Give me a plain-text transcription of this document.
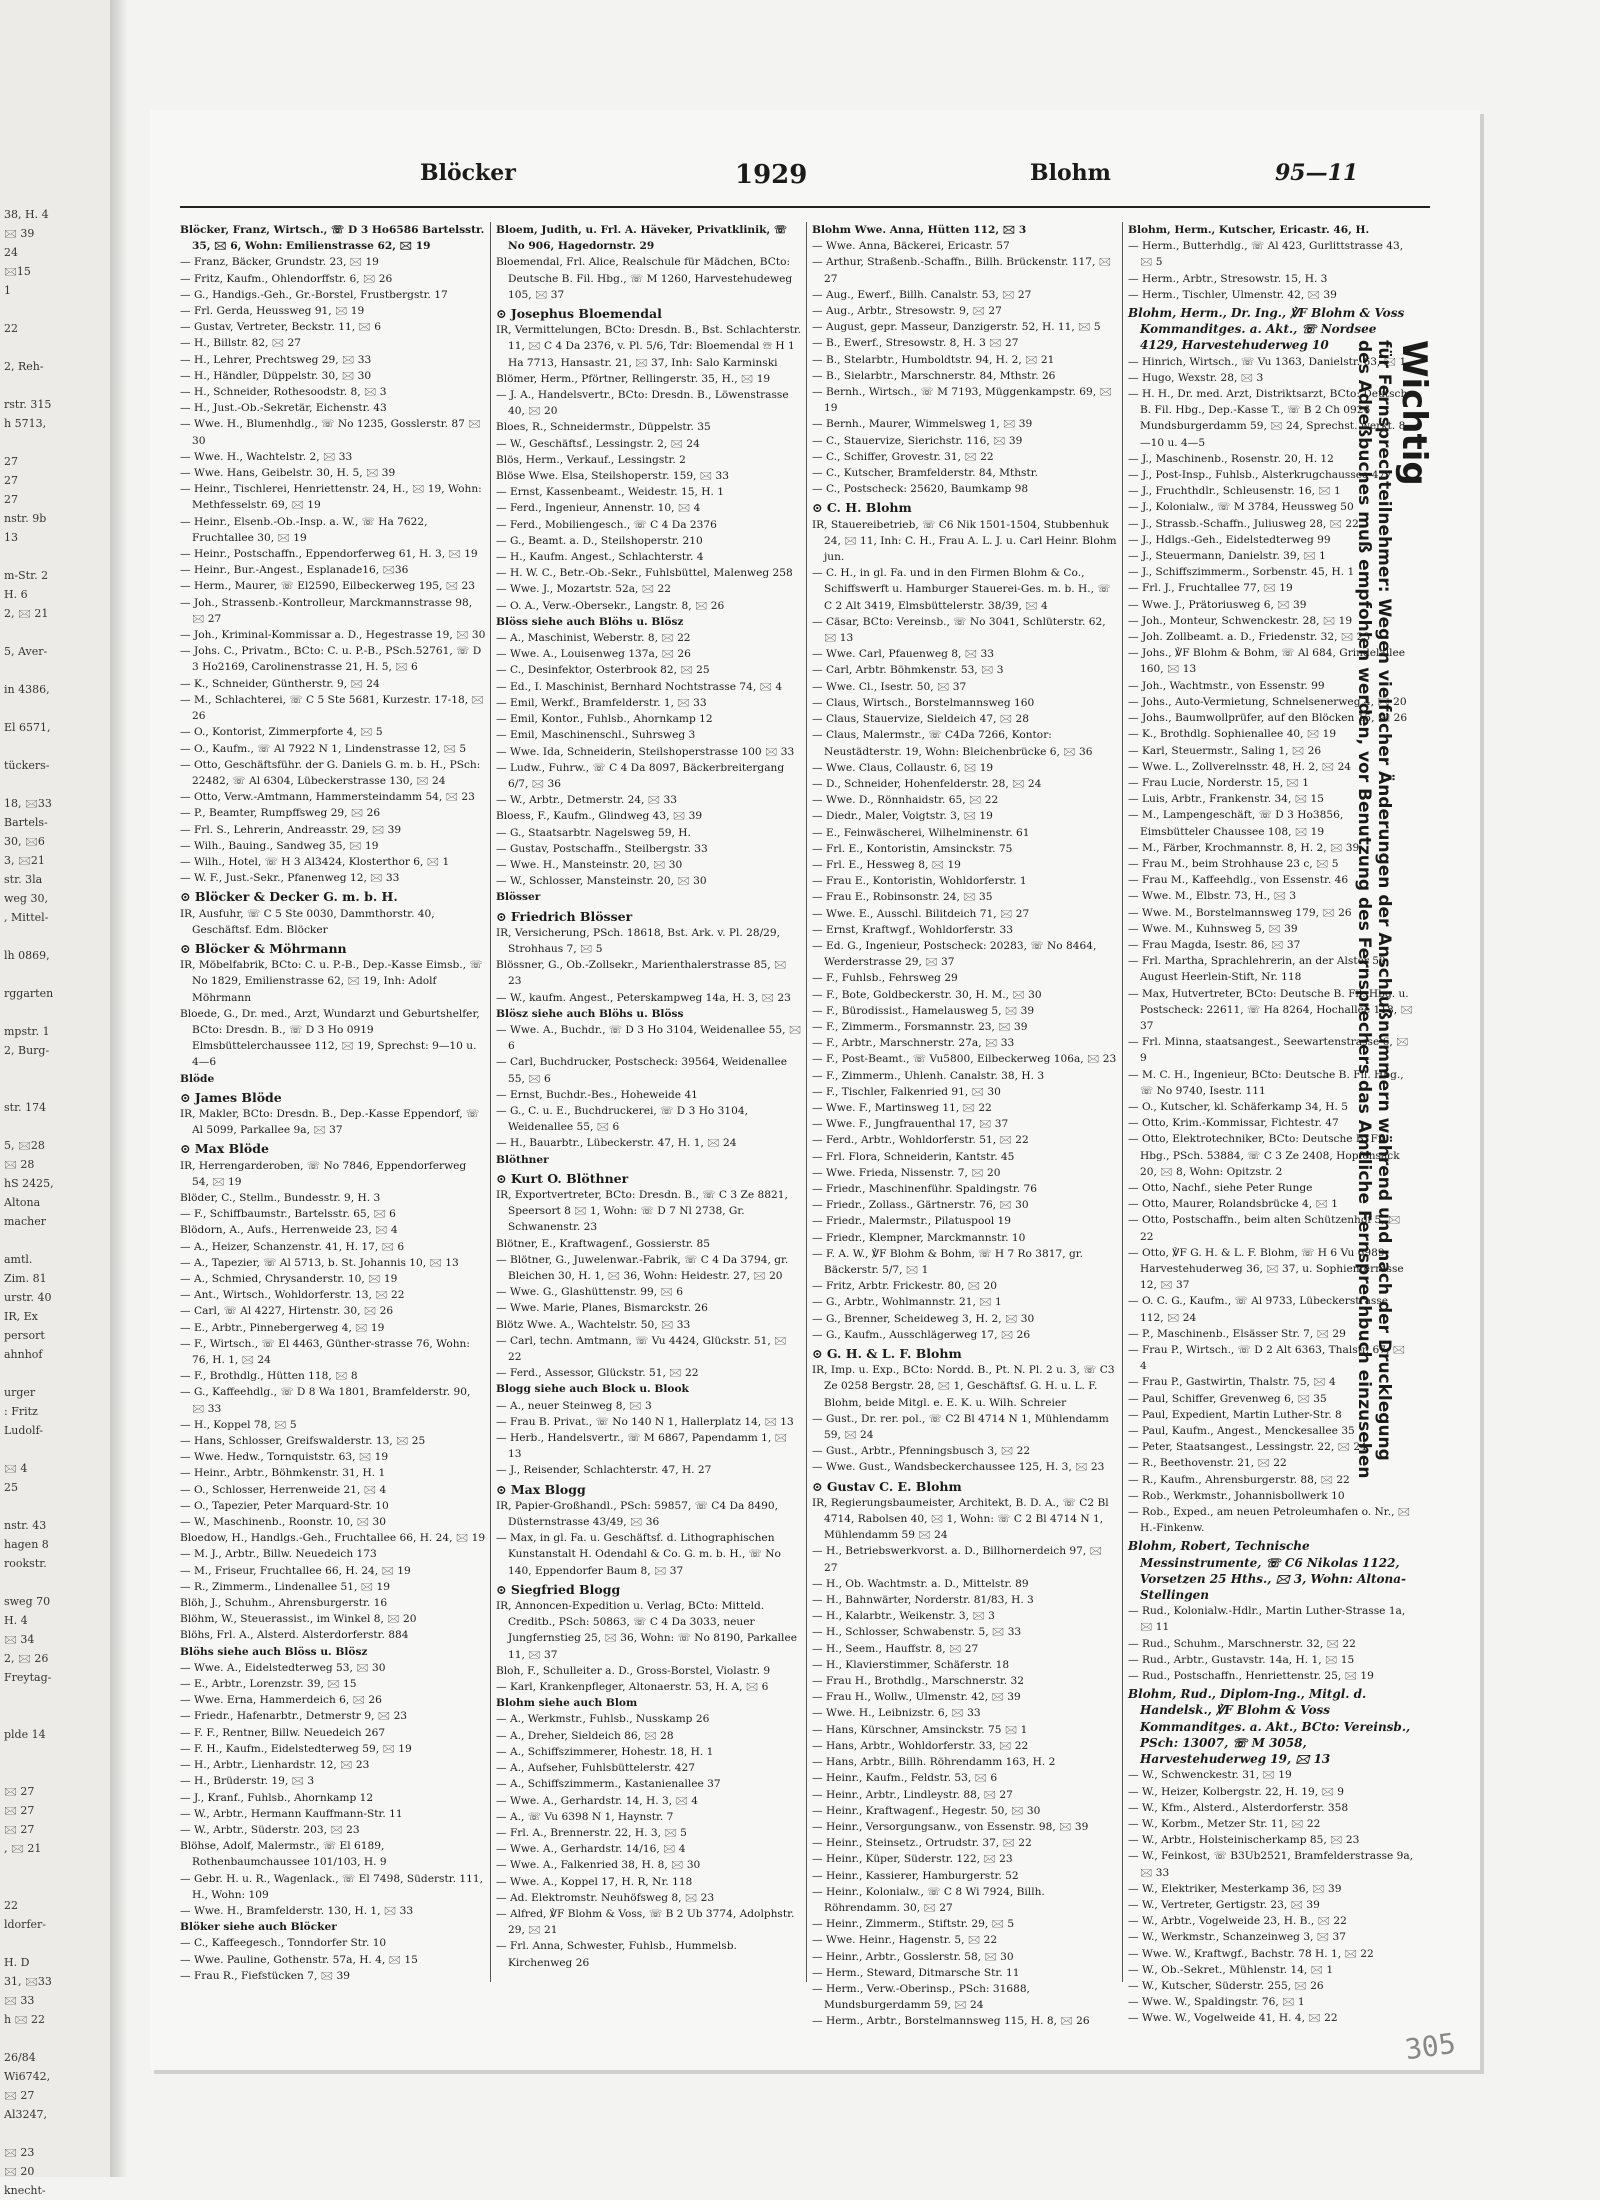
38, H. 4
🖂 39
24
🖂15
1

22

2, Reh-

rstr. 315
h 5713,

27
27
27
nstr. 9b
13

m-Str. 2
H. 6
2, 🖂 21

5, Aver-

in 4386,

El 6571,

tückers-

18, 🖂33
Bartels-
30, 🖂6
3, 🖂21
str. 3la
weg 30,
, Mittel-

lh 0869,

rggarten

mpstr. 1
2, Burg-

str. 174

5, 🖂28
🖂 28
hS 2425,
Altona
macher

amtl.
Zim. 81
urstr. 40
IR, Ex
persort
ahnhof

urger
: Fritz
Ludolf-

🖂 4
25

nstr. 43
hagen 8
rookstr.

sweg 70
H. 4
🖂 34
2, 🖂 26
Freytag-

plde 14

🖂 27
🖂 27
🖂 27
, 🖂 21

22
ldorfer-

H. D
31, 🖂33
🖂 33
h 🖂 22

26/84
Wi6742,
🖂 27
Al3247,

🖂 23
🖂 20
knecht-
Blöcker	1929	Blohm	95—11
Blöcker, Franz, Wirtsch., ☏ D 3 Ho6586 Bartelsstr. 35, 🖂 6, Wohn: Emilienstrasse 62, 🖂 19
— Franz, Bäcker, Grundstr. 23, 🖂 19
— Fritz, Kaufm., Ohlendorffstr. 6, 🖂 26
— G., Handigs.-Geh., Gr.-Borstel, Frustbergstr. 17
— Frl. Gerda, Heussweg 91, 🖂 19
— Gustav, Vertreter, Beckstr. 11, 🖂 6
— H., Billstr. 82, 🖂 27
— H., Lehrer, Prechtsweg 29, 🖂 33
— H., Händler, Düppelstr. 30, 🖂 30
— H., Schneider, Rothesoodstr. 8, 🖂 3
— H., Just.-Ob.-Sekretär, Eichenstr. 43
— Wwe. H., Blumenhdlg., ☏ No 1235, Gosslerstr. 87 🖂 30
— Wwe. H., Wachtelstr. 2, 🖂 33
— Wwe. Hans, Geibelstr. 30, H. 5, 🖂 39
— Heinr., Tischlerei, Henriettenstr. 24, H., 🖂 19, Wohn: Methfesselstr. 69, 🖂 19
— Heinr., Elsenb.-Ob.-Insp. a. W., ☏ Ha 7622, Fruchtallee 30, 🖂 19
— Heinr., Postschaffn., Eppendorferweg 61, H. 3, 🖂 19
— Heinr., Bur.-Angest., Esplanade16, 🖂36
— Herm., Maurer, ☏ El2590, Eilbeckerweg 195, 🖂 23
— Joh., Strassenb.-Kontrolleur, Marckmannstrasse 98, 🖂 27
— Joh., Kriminal-Kommissar a. D., Hegestrasse 19, 🖂 30
— Johs. C., Privatm., BCto: C. u. P.-B., PSch.52761, ☏ D 3 Ho2169, Carolinenstrasse 21, H. 5, 🖂 6
— K., Schneider, Güntherstr. 9, 🖂 24
— M., Schlachterei, ☏ C 5 Ste 5681, Kurzestr. 17-18, 🖂 26
— O., Kontorist, Zimmerpforte 4, 🖂 5
— O., Kaufm., ☏ Al 7922 N 1, Lindenstrasse 12, 🖂 5
— Otto, Geschäftsführ. der G. Daniels G. m. b. H., PSch: 22482, ☏ Al 6304, Lübeckerstrasse 130, 🖂 24
— Otto, Verw.-Amtmann, Hammersteindamm 54, 🖂 23
— P., Beamter, Rumpffsweg 29, 🖂 26
— Frl. S., Lehrerin, Andreasstr. 29, 🖂 39
— Wilh., Bauing., Sandweg 35, 🖂 19
— Wilh., Hotel, ☏ H 3 Al3424, Klosterthor 6, 🖂 1
— W. F., Just.-Sekr., Pfanenweg 12, 🖂 33
⊙ Blöcker & Decker G. m. b. H.
IR, Ausfuhr, ☏ C 5 Ste 0030, Dammthorstr. 40, Geschäftsf. Edm. Blöcker
⊙ Blöcker & Möhrmann
IR, Möbelfabrik, BCto: C. u. P.-B., Dep.-Kasse Eimsb., ☏ No 1829, Emilienstrasse 62, 🖂 19, Inh: Adolf Möhrmann
Bloede, G., Dr. med., Arzt, Wundarzt und Geburtshelfer, BCto: Dresdn. B., ☏ D 3 Ho 0919 Elmsbüttelerchaussee 112, 🖂 19, Sprechst: 9—10 u. 4—6
Blöde
⊙ James Blöde
IR, Makler, BCto: Dresdn. B., Dep.-Kasse Eppendorf, ☏ Al 5099, Parkallee 9a, 🖂 37
⊙ Max Blöde
IR, Herrengarderoben, ☏ No 7846, Eppendorferweg 54, 🖂 19
Blöder, C., Stellm., Bundesstr. 9, H. 3
— F., Schiffbaumstr., Bartelsstr. 65, 🖂 6
Blödorn, A., Aufs., Herrenweide 23, 🖂 4
— A., Heizer, Schanzenstr. 41, H. 17, 🖂 6
— A., Tapezier, ☏ Al 5713, b. St. Johannis 10, 🖂 13
— A., Schmied, Chrysanderstr. 10, 🖂 19
— Ant., Wirtsch., Wohldorferstr. 13, 🖂 22
— Carl, ☏ Al 4227, Hirtenstr. 30, 🖂 26
— E., Arbtr., Pinnebergerweg 4, 🖂 19
— F., Wirtsch., ☏ El 4463, Günther-strasse 76, Wohn: 76, H. 1, 🖂 24
— F., Brothdlg., Hütten 118, 🖂 8
— G., Kaffeehdlg., ☏ D 8 Wa 1801, Bramfelderstr. 90, 🖂 33
— H., Koppel 78, 🖂 5
— Hans, Schlosser, Greifswalderstr. 13, 🖂 25
— Wwe. Hedw., Tornquiststr. 63, 🖂 19
— Heinr., Arbtr., Böhmkenstr. 31, H. 1
— O., Schlosser, Herrenweide 21, 🖂 4
— O., Tapezier, Peter Marquard-Str. 10
— W., Maschinenb., Roonstr. 10, 🖂 30
Bloedow, H., Handlgs.-Geh., Fruchtallee 66, H. 24, 🖂 19
— M. J., Arbtr., Billw. Neuedeich 173
— M., Friseur, Fruchtallee 66, H. 24, 🖂 19
— R., Zimmerm., Lindenallee 51, 🖂 19
Blöh, J., Schuhm., Ahrensburgerstr. 16
Blöhm, W., Steuerassist., im Winkel 8, 🖂 20
Blöhs, Frl. A., Alsterd. Alsterdorferstr. 884
Blöhs siehe auch Blöss u. Blösz
— Wwe. A., Eidelstedterweg 53, 🖂 30
— E., Arbtr., Lorenzstr. 39, 🖂 15
— Wwe. Erna, Hammerdeich 6, 🖂 26
— Friedr., Hafenarbtr., Detmerstr 9, 🖂 23
— F. F., Rentner, Billw. Neuedeich 267
— F. H., Kaufm., Eidelstedterweg 59, 🖂 19
— H., Arbtr., Lienhardstr. 12, 🖂 23
— H., Brüderstr. 19, 🖂 3
— J., Kranf., Fuhlsb., Ahornkamp 12
— W., Arbtr., Hermann Kauffmann-Str. 11
— W., Arbtr., Süderstr. 203, 🖂 23
Blöhse, Adolf, Malermstr., ☏ El 6189, Rothenbaumchaussee 101/103, H. 9
— Gebr. H. u. R., Wagenlack., ☏ El 7498, Süderstr. 111, H., Wohn: 109
— Wwe. H., Bramfelderstr. 130, H. 1, 🖂 33
Blöker siehe auch Blöcker
— C., Kaffeegesch., Tonndorfer Str. 10
— Wwe. Pauline, Gothenstr. 57a, H. 4, 🖂 15
— Frau R., Fiefstücken 7, 🖂 39
Bloem, Judith, u. Frl. A. Häveker, Privatklinik, ☏ No 906, Hagedornstr. 29
Bloemendal, Frl. Alice, Realschule für Mädchen, BCto: Deutsche B. Fil. Hbg., ☏ M 1260, Harvestehudeweg 105, 🖂 37
⊙ Josephus Bloemendal
IR, Vermittelungen, BCto: Dresdn. B., Bst. Schlachterstr. 11, 🖂 C 4 Da 2376, v. Pl. 5/6, Tdr: Bloemendal ☏ H 1 Ha 7713, Hansastr. 21, 🖂 37, Inh: Salo Karminski
Blömer, Herm., Pförtner, Rellingerstr. 35, H., 🖂 19
— J. A., Handelsvertr., BCto: Dresdn. B., Löwenstrasse 40, 🖂 20
Bloes, R., Schneidermstr., Düppelstr. 35
— W., Geschäftsf., Lessingstr. 2, 🖂 24
Blös, Herm., Verkauf., Lessingstr. 2
Blöse Wwe. Elsa, Steilshoperstr. 159, 🖂 33
— Ernst, Kassenbeamt., Weidestr. 15, H. 1
— Ferd., Ingenieur, Annenstr. 10, 🖂 4
— Ferd., Mobiliengesch., ☏ C 4 Da 2376
— G., Beamt. a. D., Steilshoperstr. 210
— H., Kaufm. Angest., Schlachterstr. 4
— H. W. C., Betr.-Ob.-Sekr., Fuhlsbüttel, Malenweg 258
— Wwe. J., Mozartstr. 52a, 🖂 22
— O. A., Verw.-Obersekr., Langstr. 8, 🖂 26
Blöss siehe auch Blöhs u. Blösz
— A., Maschinist, Weberstr. 8, 🖂 22
— Wwe. A., Louisenweg 137a, 🖂 26
— C., Desinfektor, Osterbrook 82, 🖂 25
— Ed., I. Maschinist, Bernhard Nochtstrasse 74, 🖂 4
— Emil, Werkf., Bramfelderstr. 1, 🖂 33
— Emil, Kontor., Fuhlsb., Ahornkamp 12
— Emil, Maschinenschl., Suhrsweg 3
— Wwe. Ida, Schneiderin, Steilshoperstrasse 100 🖂 33
— Ludw., Fuhrw., ☏ C 4 Da 8097, Bäckerbreitergang 6/7, 🖂 36
— W., Arbtr., Detmerstr. 24, 🖂 33
Bloess, F., Kaufm., Glindweg 43, 🖂 39
— G., Staatsarbtr. Nagelsweg 59, H.
— Gustav, Postschaffn., Steilbergstr. 33
— Wwe. H., Mansteinstr. 20, 🖂 30
— W., Schlosser, Mansteinstr. 20, 🖂 30
Blösser
⊙ Friedrich Blösser
IR, Versicherung, PSch. 18618, Bst. Ark. v. Pl. 28/29, Strohhaus 7, 🖂 5
Blössner, G., Ob.-Zollsekr., Marienthalerstrasse 85, 🖂 23
— W., kaufm. Angest., Peterskampweg 14a, H. 3, 🖂 23
Blösz siehe auch Blöhs u. Blöss
— Wwe. A., Buchdr., ☏ D 3 Ho 3104, Weidenallee 55, 🖂 6
— Carl, Buchdrucker, Postscheck: 39564, Weidenallee 55, 🖂 6
— Ernst, Buchdr.-Bes., Hoheweide 41
— G., C. u. E., Buchdruckerei, ☏ D 3 Ho 3104, Weidenallee 55, 🖂 6
— H., Bauarbtr., Lübeckerstr. 47, H. 1, 🖂 24
Blöthner
⊙ Kurt O. Blöthner
IR, Exportvertreter, BCto: Dresdn. B., ☏ C 3 Ze 8821, Speersort 8 🖂 1, Wohn: ☏ D 7 Nl 2738, Gr. Schwanenstr. 23
Blötner, E., Kraftwagenf., Gossierstr. 85
— Blötner, G., Juwelenwar.-Fabrik, ☏ C 4 Da 3794, gr. Bleichen 30, H. 1, 🖂 36, Wohn: Heidestr. 27, 🖂 20
— Wwe. G., Glashüttenstr. 99, 🖂 6
— Wwe. Marie, Planes, Bismarckstr. 26
Blötz Wwe. A., Wachtelstr. 50, 🖂 33
— Carl, techn. Amtmann, ☏ Vu 4424, Glückstr. 51, 🖂 22
— Ferd., Assessor, Glückstr. 51, 🖂 22
Blogg siehe auch Block u. Blook
— A., neuer Steinweg 8, 🖂 3
— Frau B. Privat., ☏ No 140 N 1, Hallerplatz 14, 🖂 13
— Herb., Handelsvertr., ☏ M 6867, Papendamm 1, 🖂 13
— J., Reisender, Schlachterstr. 47, H. 27
⊙ Max Blogg
IR, Papier-Großhandl., PSch: 59857, ☏ C4 Da 8490, Düsternstrasse 43/49, 🖂 36
— Max, in gl. Fa. u. Geschäftsf. d. Lithographischen Kunstanstalt H. Odendahl & Co. G. m. b. H., ☏ No 140, Eppendorfer Baum 8, 🖂 37
⊙ Siegfried Blogg
IR, Annoncen-Expedition u. Verlag, BCto: Mitteld. Creditb., PSch: 50863, ☏ C 4 Da 3033, neuer Jungfernstieg 25, 🖂 36, Wohn: ☏ No 8190, Parkallee 11, 🖂 37
Bloh, F., Schulleiter a. D., Gross-Borstel, Violastr. 9
— Karl, Krankenpfleger, Altonaerstr. 53, H. A, 🖂 6
Blohm siehe auch Blom
— A., Werkmstr., Fuhlsb., Nusskamp 26
— A., Dreher, Sieldeich 86, 🖂 28
— A., Schiffszimmerer, Hohestr. 18, H. 1
— A., Aufseher, Fuhlsbüttelerstr. 427
— A., Schiffszimmerm., Kastanienallee 37
— Wwe. A., Gerhardstr. 14, H. 3, 🖂 4
— A., ☏ Vu 6398 N 1, Haynstr. 7
— Frl. A., Brennerstr. 22, H. 3, 🖂 5
— Wwe. A., Gerhardstr. 14/16, 🖂 4
— Wwe. A., Falkenried 38, H. 8, 🖂 30
— Wwe. A., Koppel 17, H. R, Nr. 118
— Ad. Elektromstr. Neuhöfsweg 8, 🖂 23
— Alfred, ℣F Blohm & Voss, ☏ B 2 Ub 3774, Adolphstr. 29, 🖂 21
— Frl. Anna, Schwester, Fuhlsb., Hummelsb. Kirchenweg 26
Blohm Wwe. Anna, Hütten 112, 🖂 3
— Wwe. Anna, Bäckerei, Ericastr. 57
— Arthur, Straßenb.-Schaffn., Billh. Brückenstr. 117, 🖂 27
— Aug., Ewerf., Billh. Canalstr. 53, 🖂 27
— Aug., Arbtr., Stresowstr. 9, 🖂 27
— August, gepr. Masseur, Danzigerstr. 52, H. 11, 🖂 5
— B., Ewerf., Stresowstr. 8, H. 3 🖂 27
— B., Stelarbtr., Humboldtstr. 94, H. 2, 🖂 21
— B., Sielarbtr., Marschnerstr. 84, Mthstr. 26
— Bernh., Wirtsch., ☏ M 7193, Müggenkampstr. 69, 🖂 19
— Bernh., Maurer, Wimmelsweg 1, 🖂 39
— C., Stauervize, Sierichstr. 116, 🖂 39
— C., Schiffer, Grovestr. 31, 🖂 22
— C., Kutscher, Bramfelderstr. 84, Mthstr.
— C., Postscheck: 25620, Baumkamp 98
⊙ C. H. Blohm
IR, Stauereibetrieb, ☏ C6 Nik 1501-1504, Stubbenhuk 24, 🖂 11, Inh: C. H., Frau A. L. J. u. Carl Heinr. Blohm jun.
— C. H., in gl. Fa. und in den Firmen Blohm & Co., Schiffswerft u. Hamburger Stauerei-Ges. m. b. H., ☏ C 2 Alt 3419, Elmsbüttelerstr. 38/39, 🖂 4
— Cäsar, BCto: Vereinsb., ☏ No 3041, Schlüterstr. 62, 🖂 13
— Wwe. Carl, Pfauenweg 8, 🖂 33
— Carl, Arbtr. Böhmkenstr. 53, 🖂 3
— Wwe. Cl., Isestr. 50, 🖂 37
— Claus, Wirtsch., Borstelmannsweg 160
— Claus, Stauervize, Sieldeich 47, 🖂 28
— Claus, Malermstr., ☏ C4Da 7266, Kontor: Neustädterstr. 19, Wohn: Bleichenbrücke 6, 🖂 36
— Wwe. Claus, Collaustr. 6, 🖂 19
— D., Schneider, Hohenfelderstr. 28, 🖂 24
— Wwe. D., Rönnhaidstr. 65, 🖂 22
— Diedr., Maler, Voigtstr. 3, 🖂 19
— E., Feinwäscherei, Wilhelminenstr. 61
— Frl. E., Kontoristin, Amsinckstr. 75
— Frl. E., Hessweg 8, 🖂 19
— Frau E., Kontoristin, Wohldorferstr. 1
— Frau E., Robinsonstr. 24, 🖂 35
— Wwe. E., Ausschl. Bilitdeich 71, 🖂 27
— Ernst, Kraftwgf., Wohldorferstr. 33
— Ed. G., Ingenieur, Postscheck: 20283, ☏ No 8464, Werderstrasse 29, 🖂 37
— F., Fuhlsb., Fehrsweg 29
— F., Bote, Goldbeckerstr. 30, H. M., 🖂 30
— F., Bürodissist., Hamelausweg 5, 🖂 39
— F., Zimmerm., Forsmannstr. 23, 🖂 39
— F., Arbtr., Marschnerstr. 27a, 🖂 33
— F., Post-Beamt., ☏ Vu5800, Eilbeckerweg 106a, 🖂 23
— F., Zimmerm., Uhlenh. Canalstr. 38, H. 3
— F., Tischler, Falkenried 91, 🖂 30
— Wwe. F., Martinsweg 11, 🖂 22
— Wwe. F., Jungfrauenthal 17, 🖂 37
— Ferd., Arbtr., Wohldorferstr. 51, 🖂 22
— Frl. Flora, Schneiderin, Kantstr. 45
— Wwe. Frieda, Nissenstr. 7, 🖂 20
— Friedr., Maschinenführ. Spaldingstr. 76
— Friedr., Zollass., Gärtnerstr. 76, 🖂 30
— Friedr., Malermstr., Pilatuspool 19
— Friedr., Klempner, Marckmannstr. 10
— F. A. W., ℣F Blohm & Bohm, ☏ H 7 Ro 3817, gr. Bäckerstr. 5/7, 🖂 1
— Fritz, Arbtr. Frickestr. 80, 🖂 20
— G., Arbtr., Wohlmannstr. 21, 🖂 1
— G., Brenner, Scheideweg 3, H. 2, 🖂 30
— G., Kaufm., Ausschlägerweg 17, 🖂 26
⊙ G. H. & L. F. Blohm
IR, Imp. u. Exp., BCto: Nordd. B., Pt. N. Pl. 2 u. 3, ☏ C3 Ze 0258 Bergstr. 28, 🖂 1, Geschäftsf. G. H. u. L. F. Blohm, beide Mitgl. e. E. K. u. Wilh. Schreier
— Gust., Dr. rer. pol., ☏ C2 Bl 4714 N 1, Mühlendamm 59, 🖂 24
— Gust., Arbtr., Pfenningsbusch 3, 🖂 22
— Wwe. Gust., Wandsbeckerchaussee 125, H. 3, 🖂 23
⊙ Gustav C. E. Blohm
IR, Regierungsbaumeister, Architekt, B. D. A., ☏ C2 Bl 4714, Rabolsen 40, 🖂 1, Wohn: ☏ C 2 Bl 4714 N 1, Mühlendamm 59 🖂 24
— H., Betriebswerkvorst. a. D., Billhornerdeich 97, 🖂 27
— H., Ob. Wachtmstr. a. D., Mittelstr. 89
— H., Bahnwärter, Norderstr. 81/83, H. 3
— H., Kalarbtr., Weikenstr. 3, 🖂 3
— H., Schlosser, Schwabenstr. 5, 🖂 33
— H., Seem., Hauffstr. 8, 🖂 27
— H., Klavierstimmer, Schäferstr. 18
— Frau H., Brothdlg., Marschnerstr. 32
— Frau H., Wollw., Ulmenstr. 42, 🖂 39
— Wwe. H., Leibnizstr. 6, 🖂 33
— Hans, Kürschner, Amsinckstr. 75 🖂 1
— Hans, Arbtr., Wohldorferstr. 33, 🖂 22
— Hans, Arbtr., Billh. Röhrendamm 163, H. 2
— Heinr., Kaufm., Feldstr. 53, 🖂 6
— Heinr., Arbtr., Lindleystr. 88, 🖂 27
— Heinr., Kraftwagenf., Hegestr. 50, 🖂 30
— Heinr., Versorgungsanw., von Essenstr. 98, 🖂 39
— Heinr., Steinsetz., Ortrudstr. 37, 🖂 22
— Heinr., Küper, Süderstr. 122, 🖂 23
— Heinr., Kassierer, Hamburgerstr. 52
— Heinr., Kolonialw., ☏ C 8 Wi 7924, Billh. Röhrendamm. 30, 🖂 27
— Heinr., Zimmerm., Stiftstr. 29, 🖂 5
— Wwe. Heinr., Hagenstr. 5, 🖂 22
— Heinr., Arbtr., Gosslerstr. 58, 🖂 30
— Herm., Steward, Ditmarsche Str. 11
— Herm., Verw.-Oberinsp., PSch: 31688, Mundsburgerdamm 59, 🖂 24
— Herm., Arbtr., Borstelmannsweg 115, H. 8, 🖂 26
Blohm, Herm., Kutscher, Ericastr. 46, H.
— Herm., Butterhdlg., ☏ Al 423, Gurlittstrasse 43, 🖂 5
— Herm., Arbtr., Stresowstr. 15, H. 3
— Herm., Tischler, Ulmenstr. 42, 🖂 39
Blohm, Herm., Dr. Ing., ℣F Blohm & Voss Kommanditges. a. Akt., ☏ Nordsee 4129, Harvestehuderweg 10
— Hinrich, Wirtsch., ☏ Vu 1363, Danielstr. 63, 🖂 1
— Hugo, Wexstr. 28, 🖂 3
— H. H., Dr. med. Arzt, Distriktsarzt, BCto: Deutsche B. Fil. Hbg., Dep.-Kasse T., ☏ B 2 Ch 0926 Mundsburgerdamm 59, 🖂 24, Sprechst. werkt. 8—10 u. 4—5
— J., Maschinenb., Rosenstr. 20, H. 12
— J., Post-Insp., Fuhlsb., Alsterkrugchaussee 477
— J., Fruchthdlr., Schleusenstr. 16, 🖂 1
— J., Kolonialw., ☏ M 3784, Heussweg 50
— J., Strassb.-Schaffn., Juliusweg 28, 🖂 22
— J., Hdlgs.-Geh., Eidelstedterweg 99
— J., Steuermann, Danielstr. 39, 🖂 1
— J., Schiffszimmerm., Sorbenstr. 45, H. 1
— Frl. J., Fruchtallee 77, 🖂 19
— Wwe. J., Prätoriusweg 6, 🖂 39
— Joh., Monteur, Schwenckestr. 28, 🖂 19
— Joh. Zollbeamt. a. D., Friedenstr. 32, 🖂 23
— Johs., ℣F Blohm & Bohm, ☏ Al 684, Grindelallee 160, 🖂 13
— Joh., Wachtmstr., von Essenstr. 99
— Johs., Auto-Vermietung, Schnelsenerweg 4, 🖂 20
— Johs., Baumwollprüfer, auf den Blöcken 15, 🖂 26
— K., Brothdlg. Sophienallee 40, 🖂 19
— Karl, Steuermstr., Saling 1, 🖂 26
— Wwe. L., Zollverelnsstr. 48, H. 2, 🖂 24
— Frau Lucie, Norderstr. 15, 🖂 1
— Luis, Arbtr., Frankenstr. 34, 🖂 15
— M., Lampengeschäft, ☏ D 3 Ho3856, Eimsbütteler Chaussee 108, 🖂 19
— M., Färber, Krochmannstr. 8, H. 2, 🖂 39
— Frau M., beim Strohhause 23 c, 🖂 5
— Frau M., Kaffeehdlg., von Essenstr. 46
— Wwe. M., Elbstr. 73, H., 🖂 3
— Wwe. M., Borstelmannsweg 179, 🖂 26
— Wwe. M., Kuhnsweg 5, 🖂 39
— Frau Magda, Isestr. 86, 🖂 37
— Frl. Martha, Sprachlehrerin, an der Alster 52, August Heerlein-Stift, Nr. 118
— Max, Hutvertreter, BCto: Deutsche B. Fil. Hbg. u. Postscheck: 22611, ☏ Ha 8264, Hochallee 118, 🖂 37
— Frl. Minna, staatsangest., Seewartenstrasse 6, 🖂 9
— M. C. H., Ingenieur, BCto: Deutsche B. Fil. Hbg., ☏ No 9740, Isestr. 111
— O., Kutscher, kl. Schäferkamp 34, H. 5
— Otto, Krim.-Kommissar, Fichtestr. 47
— Otto, Elektrotechniker, BCto: Deutsche B. Fil. Hbg., PSch. 53884, ☏ C 3 Ze 2408, Hopfensack 20, 🖂 8, Wohn: Opitzstr. 2
— Otto, Nachf., siehe Peter Runge
— Otto, Maurer, Rolandsbrücke 4, 🖂 1
— Otto, Postschaffn., beim alten Schützenhof 5, 🖂 22
— Otto, ℣F G. H. & L. F. Blohm, ☏ H 6 Vu 6989, Harvestehuderweg 36, 🖂 37, u. Sophienterrasse 12, 🖂 37
— O. C. G., Kaufm., ☏ Al 9733, Lübeckerstrasse 112, 🖂 24
— P., Maschinenb., Elsässer Str. 7, 🖂 29
— Frau P., Wirtsch., ☏ D 2 Alt 6363, Thalstr. 67, 🖂 4
— Frau P., Gastwirtin, Thalstr. 75, 🖂 4
— Paul, Schiffer, Grevenweg 6, 🖂 35
— Paul, Expedient, Martin Luther-Str. 8
— Paul, Kaufm., Angest., Menckesallee 35
— Peter, Staatsangest., Lessingstr. 22, 🖂 24
— R., Beethovenstr. 21, 🖂 22
— R., Kaufm., Ahrensburgerstr. 88, 🖂 22
— Rob., Werkmstr., Johannisbollwerk 10
— Rob., Exped., am neuen Petroleumhafen o. Nr., 🖂 H.-Finkenw.
Blohm, Robert, Technische Messinstrumente, ☏ C6 Nikolas 1122, Vorsetzen 25 Hths., 🖂 3, Wohn: Altona-Stellingen
— Rud., Kolonialw.-Hdlr., Martin Luther-Strasse 1a, 🖂 11
— Rud., Schuhm., Marschnerstr. 32, 🖂 22
— Rud., Arbtr., Gustavstr. 14a, H. 1, 🖂 15
— Rud., Postschaffn., Henriettenstr. 25, 🖂 19
Blohm, Rud., Diplom-Ing., Mitgl. d. Handelsk., ℣F Blohm & Voss Kommanditges. a. Akt., BCto: Vereinsb., PSch: 13007, ☏ M 3058, Harvestehuderweg 19, 🖂 13
— W., Schwenckestr. 31, 🖂 19
— W., Heizer, Kolbergstr. 22, H. 19, 🖂 9
— W., Kfm., Alsterd., Alsterdorferstr. 358
— W., Korbm., Metzer Str. 11, 🖂 22
— W., Arbtr., Holsteinischerkamp 85, 🖂 23
— W., Feinkost, ☏ B3Ub2521, Bramfelderstrasse 9a, 🖂 33
— W., Elektriker, Mesterkamp 36, 🖂 39
— W., Vertreter, Gertigstr. 23, 🖂 39
— W., Arbtr., Vogelweide 23, H. B., 🖂 22
— W., Werkmstr., Schanzeinweg 3, 🖂 37
— Wwe. W., Kraftwgf., Bachstr. 78 H. 1, 🖂 22
— W., Ob.-Sekret., Mühlenstr. 14, 🖂 1
— W., Kutscher, Süderstr. 255, 🖂 26
— Wwe. W., Spaldingstr. 76, 🖂 1
— Wwe. W., Vogelweide 41, H. 4, 🖂 22
Wichtig
für Fernsprechteilnehmer: Wegen vielfacher Änderungen der Anschlußnummern während und nach der Drucklegung
des Adreßbuches muß empfohlen werden, vor Benutzung des Fernsprechers das Amtliche Fernsprechbuch einzusehen
305
